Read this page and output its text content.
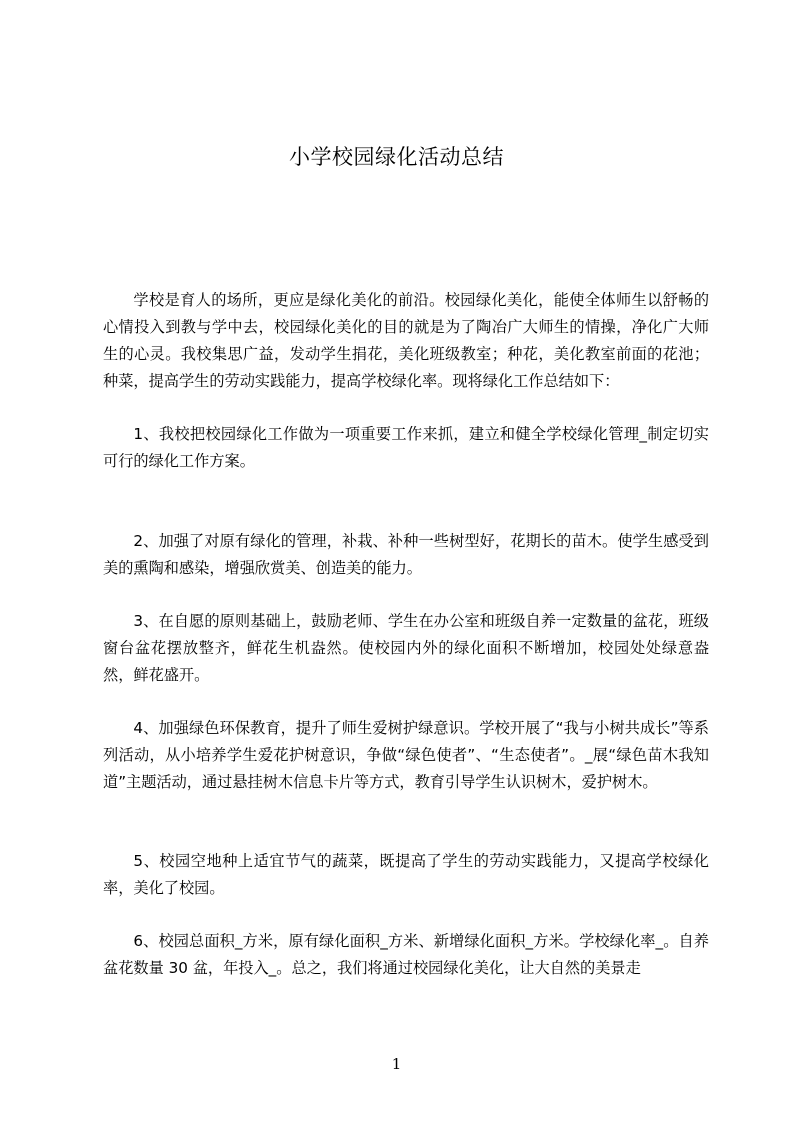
小学校园绿化活动总结

学校是育人的场所，更应是绿化美化的前沿。校园绿化美化，能使全体师生以舒畅的心情投入到教与学中去，校园绿化美化的目的就是为了陶冶广大师生的情操，净化广大师生的心灵。我校集思广益，发动学生捐花，美化班级教室；种花，美化教室前面的花池；种菜，提高学生的劳动实践能力，提高学校绿化率。现将绿化工作总结如下：

1、我校把校园绿化工作做为一项重要工作来抓，建立和健全学校绿化管理_制定切实可行的绿化工作方案。

2、加强了对原有绿化的管理，补栽、补种一些树型好，花期长的苗木。使学生感受到美的熏陶和感染，增强欣赏美、创造美的能力。

3、在自愿的原则基础上，鼓励老师、学生在办公室和班级自养一定数量的盆花，班级窗台盆花摆放整齐，鲜花生机盎然。使校园内外的绿化面积不断增加，校园处处绿意盎然，鲜花盛开。

4、加强绿色环保教育，提升了师生爱树护绿意识。学校开展了“我与小树共成长”等系列活动，从小培养学生爱花护树意识，争做“绿色使者”、“生态使者”。_展“绿色苗木我知道”主题活动，通过悬挂树木信息卡片等方式，教育引导学生认识树木，爱护树木。

5、校园空地种上适宜节气的蔬菜，既提高了学生的劳动实践能力，又提高学校绿化率，美化了校园。

6、校园总面积_方米，原有绿化面积_方米、新增绿化面积_方米。学校绿化率_。自养盆花数量 30 盆，年投入_。总之，我们将通过校园绿化美化，让大自然的美景走

1
